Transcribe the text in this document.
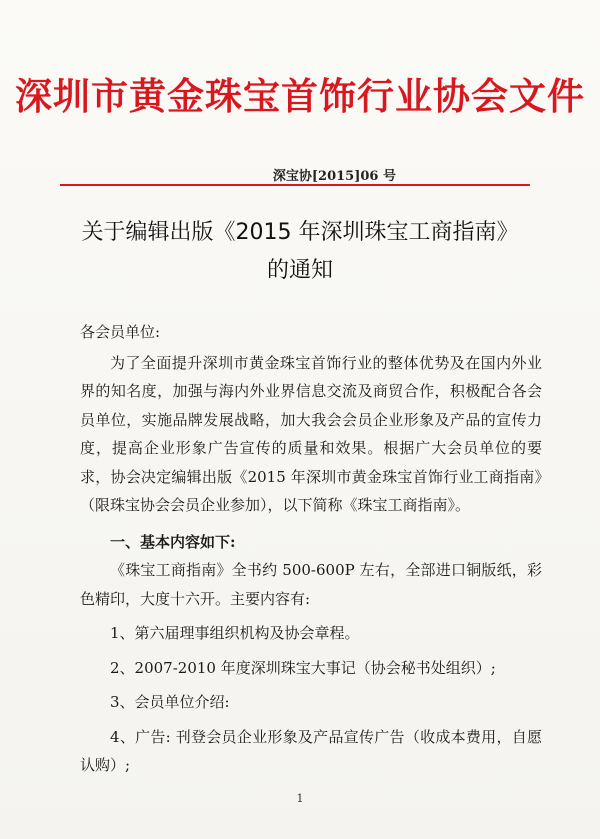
深圳市黄金珠宝首饰行业协会文件
深宝协[2015]06 号
关于编辑出版《2015 年深圳珠宝工商指南》
的通知

各会员单位:

为了全面提升深圳市黄金珠宝首饰行业的整体优势及在国内外业界的知名度，加强与海内外业界信息交流及商贸合作，积极配合各会员单位，实施品牌发展战略，加大我会会员企业形象及产品的宣传力度，提高企业形象广告宣传的质量和效果。根据广大会员单位的要求，协会决定编辑出版《2015 年深圳市黄金珠宝首饰行业工商指南》（限珠宝协会会员企业参加），以下简称《珠宝工商指南》。

一、基本内容如下:

《珠宝工商指南》全书约 500-600P 左右，全部进口铜版纸，彩色精印，大度十六开。主要内容有:

1、第六届理事组织机构及协会章程。

2、2007-2010 年度深圳珠宝大事记（协会秘书处组织）;

3、会员单位介绍:

4、广告: 刊登会员企业形象及产品宣传广告（收成本费用，自愿认购）;

1
